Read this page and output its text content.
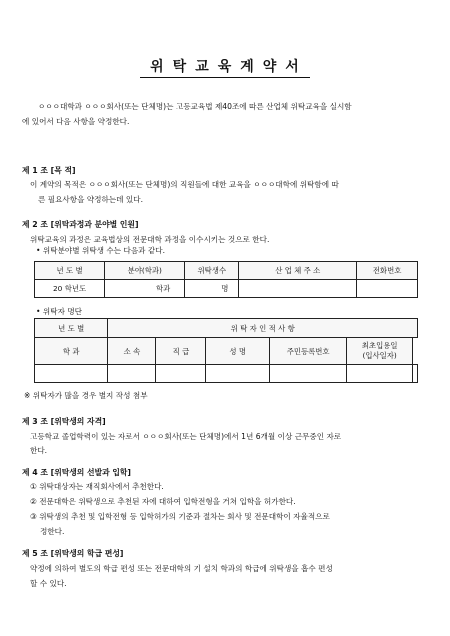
위탁교육계약서
ㅇㅇㅇ대학과 ㅇㅇㅇ회사(또는 단체명)는 고등교육법 제40조에 따른 산업체 위탁교육을 실시함
에 있어서 다음 사항을 약정한다.
제 1 조 [목 적]
이 계약의 목적은 ㅇㅇㅇ회사(또는 단체명)의 직원들에 대한 교육을 ㅇㅇㅇ대학에 위탁함에 따
른 필요사항을 약정하는데 있다.
제 2 조 [위탁과정과 분야별 인원]
위탁교육의 과정은 교육법상의 전문대학 과정을 이수시키는 것으로 한다.
• 위탁분야별 위탁생 수는 다음과 같다.
년 도 별	분야(학과)	위탁생수	산 업 체 주 소	전화번호
20 학년도	학과	명		
• 위탁자 명단
년 도 별	위 탁 자 인 적 사 항					
학 과	소 속	직 급	성 명	주민등록번호	최초입용일
(입사일자)	

※ 위탁자가 많을 경우 별지 작성 첨부
제 3 조 [위탁생의 자격]
고등학교 졸업학력이 있는 자로서 ㅇㅇㅇ회사(또는 단체명)에서 1년 6개월 이상 근무중인 자로
한다.
제 4 조 [위탁생의 선발과 입학]
① 위탁대상자는 재직회사에서 추천한다.
② 전문대학은 위탁생으로 추천된 자에 대하여 입학전형을 거쳐 입학을 허가한다.
③ 위탁생의 추천 및 입학전형 등 입학허가의 기준과 절차는 회사 및 전문대학이 자율적으로
정한다.
제 5 조 [위탁생의 학급 편성]
약정에 의하여 별도의 학급 편성 또는 전문대학의 기 설치 학과의 학급에 위탁생을 흡수 편성
할 수 있다.
